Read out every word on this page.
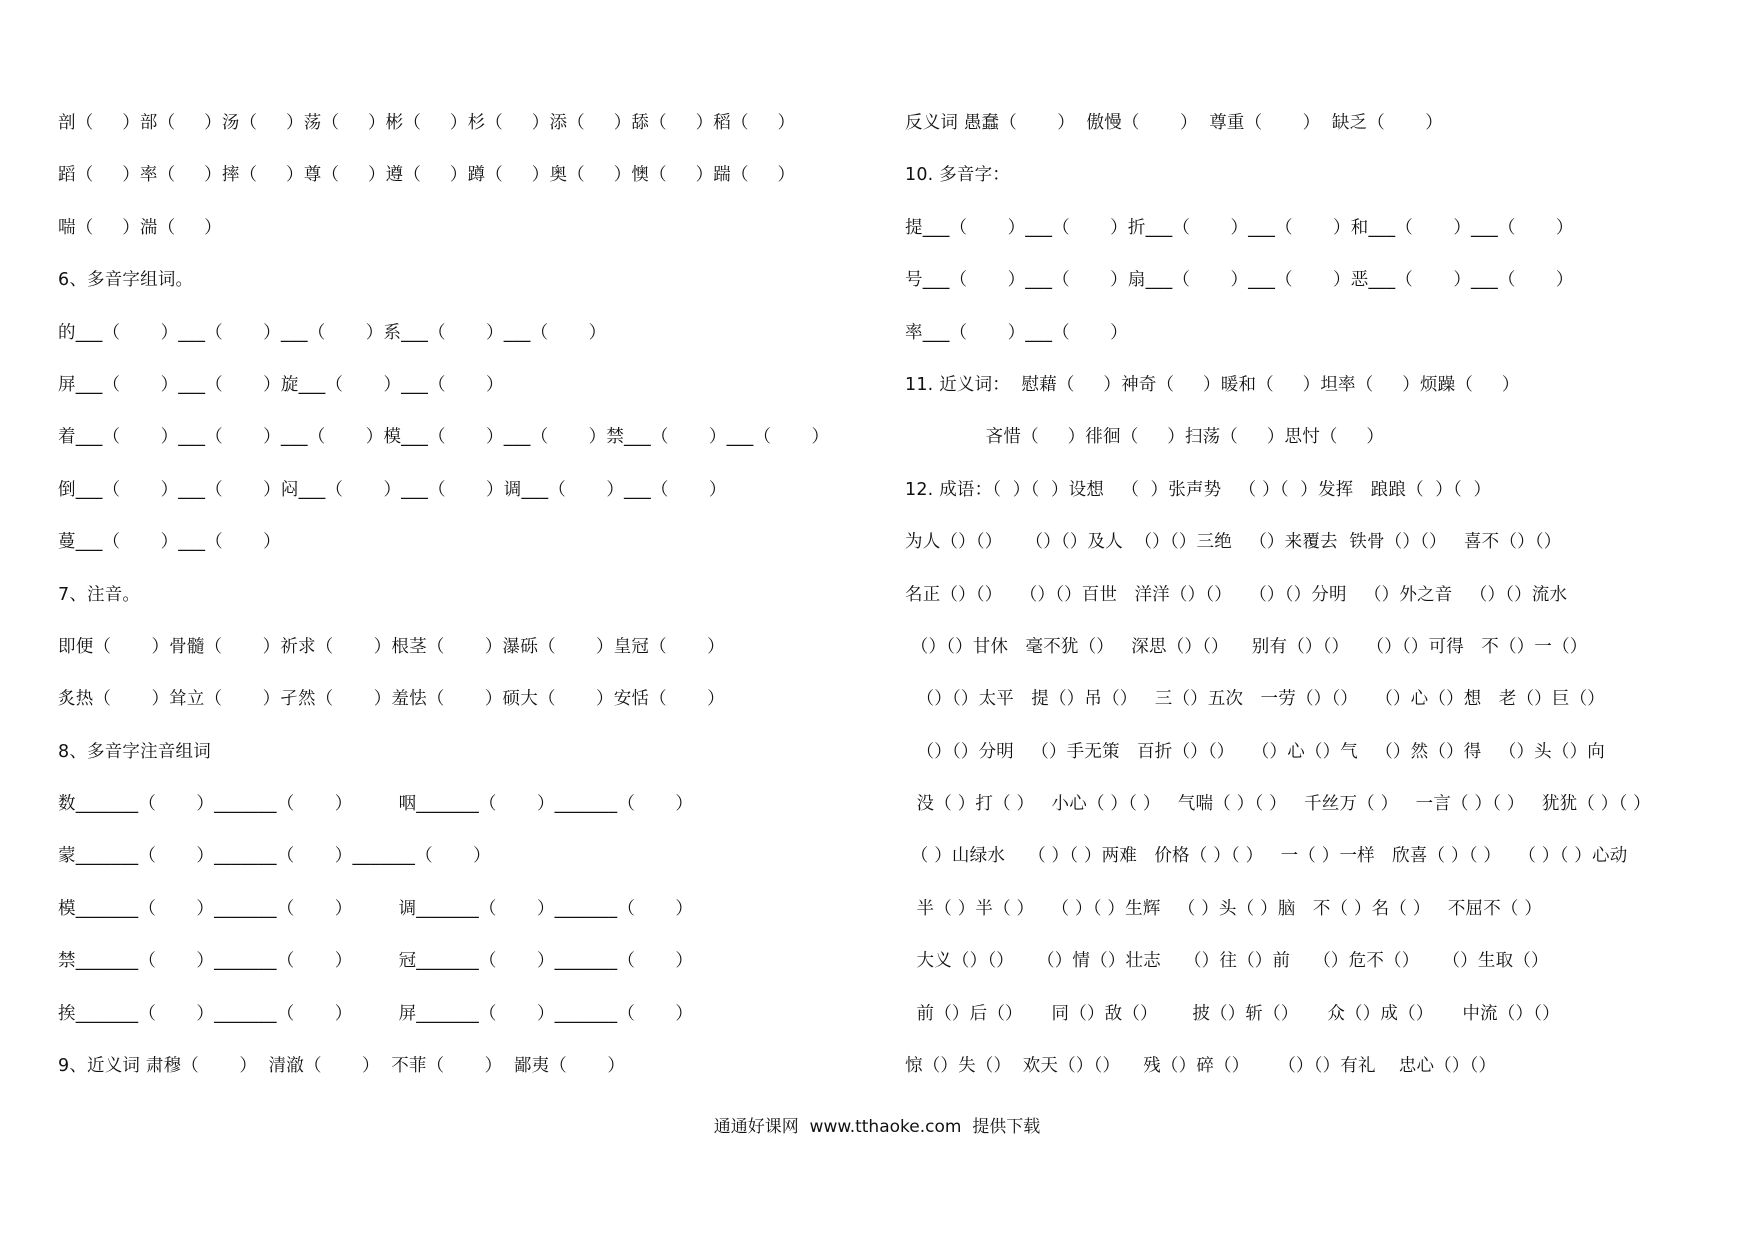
剖（     ）部（     ）汤（     ）荡（     ）彬（     ）杉（     ）添（     ）舔（     ）稻（     ）
蹈（     ）率（     ）摔（     ）尊（     ）遵（     ）蹲（     ）奥（     ）懊（     ）踹（     ）
喘（     ）湍（     ）
6、多音字组词。
的___（       ）___（       ）___（       ）系___（       ）___（       ）
屏___（       ）___（       ）旋___（       ）___（       ）
着___（       ）___（       ）___（       ）模___（       ）___（       ）禁___（       ）___（       ）
倒___（       ）___（       ）闷___（       ）___（       ）调___（       ）___（       ）
蔓___（       ）___（       ）
7、注音。
即便（       ）骨髓（       ）祈求（       ）根茎（       ）瀑砾（       ）皇冠（       ）
炙热（       ）耸立（       ）孑然（       ）羞怯（       ）硕大（       ）安恬（       ）
8、多音字注音组词
数_______（       ）_______（       ）        咽_______（       ）_______（       ）
蒙_______（       ）_______（       ）_______（       ）
模_______（       ）_______（       ）        调_______（       ）_______（       ）
禁_______（       ）_______（       ）        冠_______（       ）_______（       ）
挨_______（       ）_______（       ）        屏_______（       ）_______（       ）
9、近义词 肃穆（       ）  清澈（       ）  不菲（       ）  鄙夷（       ）
反义词 愚蠢（       ）  傲慢（       ）  尊重（       ）  缺乏（       ）
10. 多音字：
提___（       ）___（       ）折___（       ）___（       ）和___（       ）___（       ）
号___（       ）___（       ）扇___（       ）___（       ）恶___（       ）___（       ）
率___（       ）___（       ）
11. 近义词：  慰藉（     ）神奇（     ）暖和（     ）坦率（     ）烦躁（     ）
吝惜（     ）徘徊（     ）扫荡（     ）思忖（     ）
12. 成语：（  ）（  ）设想   （  ）张声势   （ ）（  ）发挥   踉踉（  ）（  ）
为人（）（）    （）（）及人  （）（）三绝   （）来覆去  铁骨（）（）   喜不（）（）
名正（）（）   （）（）百世   洋洋（）（）   （）（）分明   （）外之音   （）（）流水
（）（）甘休   毫不犹（）   深思（）（）    别有（）（）   （）（）可得   不（）一（）
（）（）太平   提（）吊（）   三（）五次   一劳（）（）   （）心（）想   老（）巨（）
（）（）分明   （）手无策   百折（）（）   （）心（）气   （）然（）得   （）头（）向
没（ ）打（ ）   小心（ ）（ ）   气喘（ ）（ ）   千丝万（ ）   一言（ ）（ ）   犹犹（ ）（ ）
（ ）山绿水    （ ）（ ）两难   价格（ ）（ ）   一（ ）一样   欣喜（ ）（ ）   （ ）（ ）心动
半（ ）半（ ）   （ ）（ ）生辉   （ ）头（ ）脑   不（ ）名（ ）   不屈不（ ）
大义（）（）    （）情（）壮志    （）往（）前    （）危不（）    （）生取（）
前（）后（）     同（）敌（）      披（）斩（）     众（）成（）     中流（）（）
惊（）失（）  欢天（）（）    残（）碎（）     （）（）有礼    忠心（）（）
通通好课网  www.tthaoke.com  提供下载
